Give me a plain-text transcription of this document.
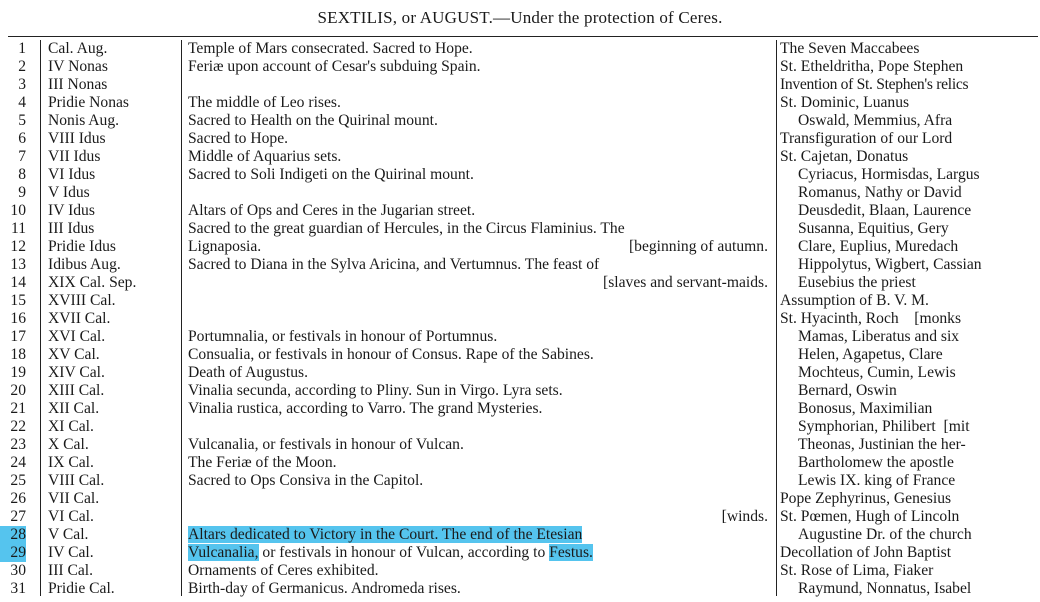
SEXTILIS, or AUGUST.—Under the protection of Ceres.
1
2
3
4
5
6
7
8
9
10
11
12
13
14
15
16
17
18
19
20
21
22
23
24
25
26
27
28
29
30
31
Cal. Aug.
IV Nonas
III Nonas
Pridie Nonas
Nonis Aug.
VIII Idus
VII Idus
VI Idus
V Idus
IV Idus
III Idus
Pridie Idus
Idibus Aug.
XIX Cal. Sep.
XVIII Cal.
XVII Cal.
XVI Cal.
XV Cal.
XIV Cal.
XIII Cal.
XII Cal.
XI Cal.
X Cal.
IX Cal.
VIII Cal.
VII Cal.
VI Cal.
V Cal.
IV Cal.
III Cal.
Pridie Cal.
Temple of Mars consecrated. Sacred to Hope.
Feriæ upon account of Cesar's subduing Spain.
The middle of Leo rises.
Sacred to Health on the Quirinal mount.
Sacred to Hope.
Middle of Aquarius sets.
Sacred to Soli Indigeti on the Quirinal mount.
Altars of Ops and Ceres in the Jugarian street.
Sacred to the great guardian of Hercules, in the Circus Flaminius. The
Lignaposia.	[beginning of autumn.
Sacred to Diana in the Sylva Aricina, and Vertumnus. The feast of
[slaves and servant-maids.
Portumnalia, or festivals in honour of Portumnus.
Consualia, or festivals in honour of Consus. Rape of the Sabines.
Death of Augustus.
Vinalia secunda, according to Pliny. Sun in Virgo. Lyra sets.
Vinalia rustica, according to Varro. The grand Mysteries.
Vulcanalia, or festivals in honour of Vulcan.
The Feriæ of the Moon.
Sacred to Ops Consiva in the Capitol.
[winds.
Altars dedicated to Victory in the Court. The end of the Etesian
Vulcanalia, or festivals in honour of Vulcan, according to Festus.
Ornaments of Ceres exhibited.
Birth-day of Germanicus. Andromeda rises.
The Seven Maccabees
St. Etheldritha, Pope Stephen
Invention of St. Stephen's relics
St. Dominic, Luanus
Oswald, Memmius, Afra
Transfiguration of our Lord
St. Cajetan, Donatus
Cyriacus, Hormisdas, Largus
Romanus, Nathy or David
Deusdedit, Blaan, Laurence
Susanna, Equitius, Gery
Clare, Euplius, Muredach
Hippolytus, Wigbert, Cassian
Eusebius the priest
Assumption of B. V. M.
St. Hyacinth, Roch    [monks
Mamas, Liberatus and six
Helen, Agapetus, Clare
Mochteus, Cumin, Lewis
Bernard, Oswin
Bonosus, Maximilian
Symphorian, Philibert  [mit
Theonas, Justinian the her-
Bartholomew the apostle
Lewis IX. king of France
Pope Zephyrinus, Genesius
St. Pœmen, Hugh of Lincoln
Augustine Dr. of the church
Decollation of John Baptist
St. Rose of Lima, Fiaker
Raymund, Nonnatus, Isabel
